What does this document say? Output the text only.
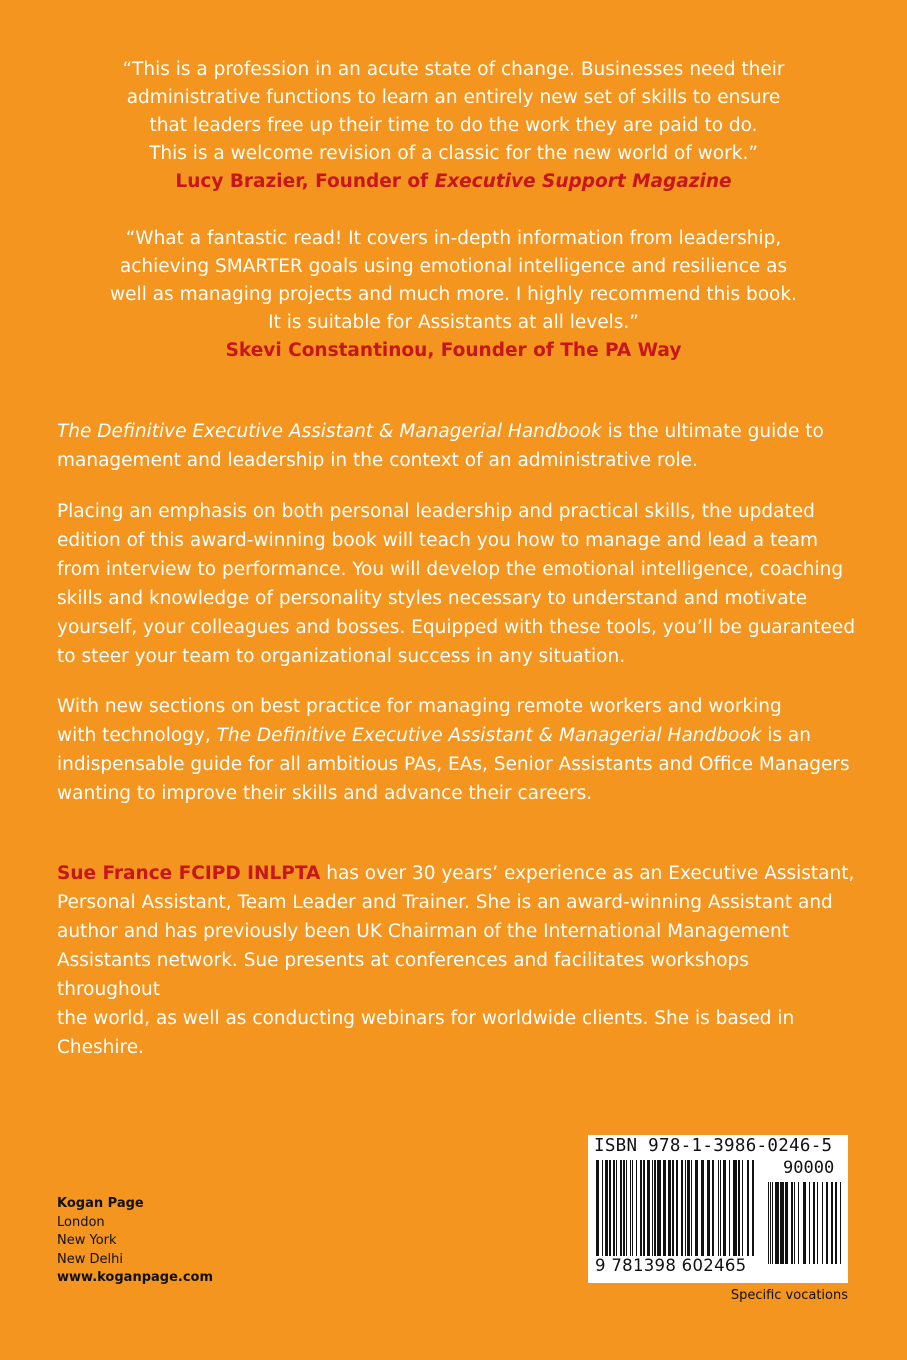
“This is a profession in an acute state of change. Businesses need their
administrative functions to learn an entirely new set of skills to ensure
that leaders free up their time to do the work they are paid to do.
This is a welcome revision of a classic for the new world of work.”
Lucy Brazier, Founder of Executive Support Magazine
“What a fantastic read! It covers in-depth information from leadership,
achieving SMARTER goals using emotional intelligence and resilience as
well as managing projects and much more. I highly recommend this book.
It is suitable for Assistants at all levels.”
Skevi Constantinou, Founder of The PA Way
The Definitive Executive Assistant & Managerial Handbook is the ultimate guide to
management and leadership in the context of an administrative role.
Placing an emphasis on both personal leadership and practical skills, the updated
edition of this award-winning book will teach you how to manage and lead a team
from interview to performance. You will develop the emotional intelligence, coaching
skills and knowledge of personality styles necessary to understand and motivate
yourself, your colleagues and bosses. Equipped with these tools, you’ll be guaranteed
to steer your team to organizational success in any situation.
With new sections on best practice for managing remote workers and working
with technology, The Definitive Executive Assistant & Managerial Handbook is an
indispensable guide for all ambitious PAs, EAs, Senior Assistants and Office Managers
wanting to improve their skills and advance their careers.
Sue France FCIPD INLPTA has over 30 years’ experience as an Executive Assistant,
Personal Assistant, Team Leader and Trainer. She is an award-winning Assistant and
author and has previously been UK Chairman of the International Management
Assistants network. Sue presents at conferences and facilitates workshops throughout
the world, as well as conducting webinars for worldwide clients. She is based in Cheshire.
Kogan Page
London
New York
New Delhi
www.koganpage.com
ISBN 978-1-3986-0246-5
90000
9 781398 602465
Specific vocations
